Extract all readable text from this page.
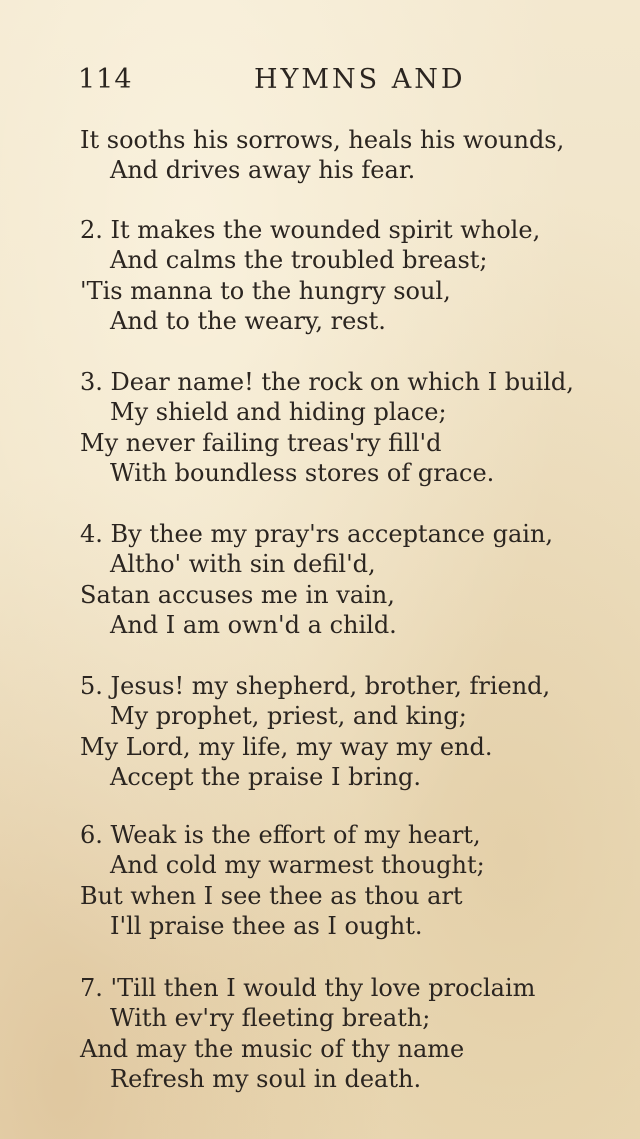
114	HYMNS AND
It sooths his sorrows, heals his wounds,
And drives away his fear.
2. It makes the wounded spirit whole,
And calms the troubled breast;
'Tis manna to the hungry soul,
And to the weary, rest.
3. Dear name! the rock on which I build,
My shield and hiding place;
My never failing treas'ry fill'd
With boundless stores of grace.
4. By thee my pray'rs acceptance gain,
Altho' with sin defil'd,
Satan accuses me in vain,
And I am own'd a child.
5. Jesus! my shepherd, brother, friend,
My prophet, priest, and king;
My Lord, my life, my way my end.
Accept the praise I bring.
6. Weak is the effort of my heart,
And cold my warmest thought;
But when I see thee as thou art
I'll praise thee as I ought.
7. 'Till then I would thy love proclaim
With ev'ry fleeting breath;
And may the music of thy name
Refresh my soul in death.
